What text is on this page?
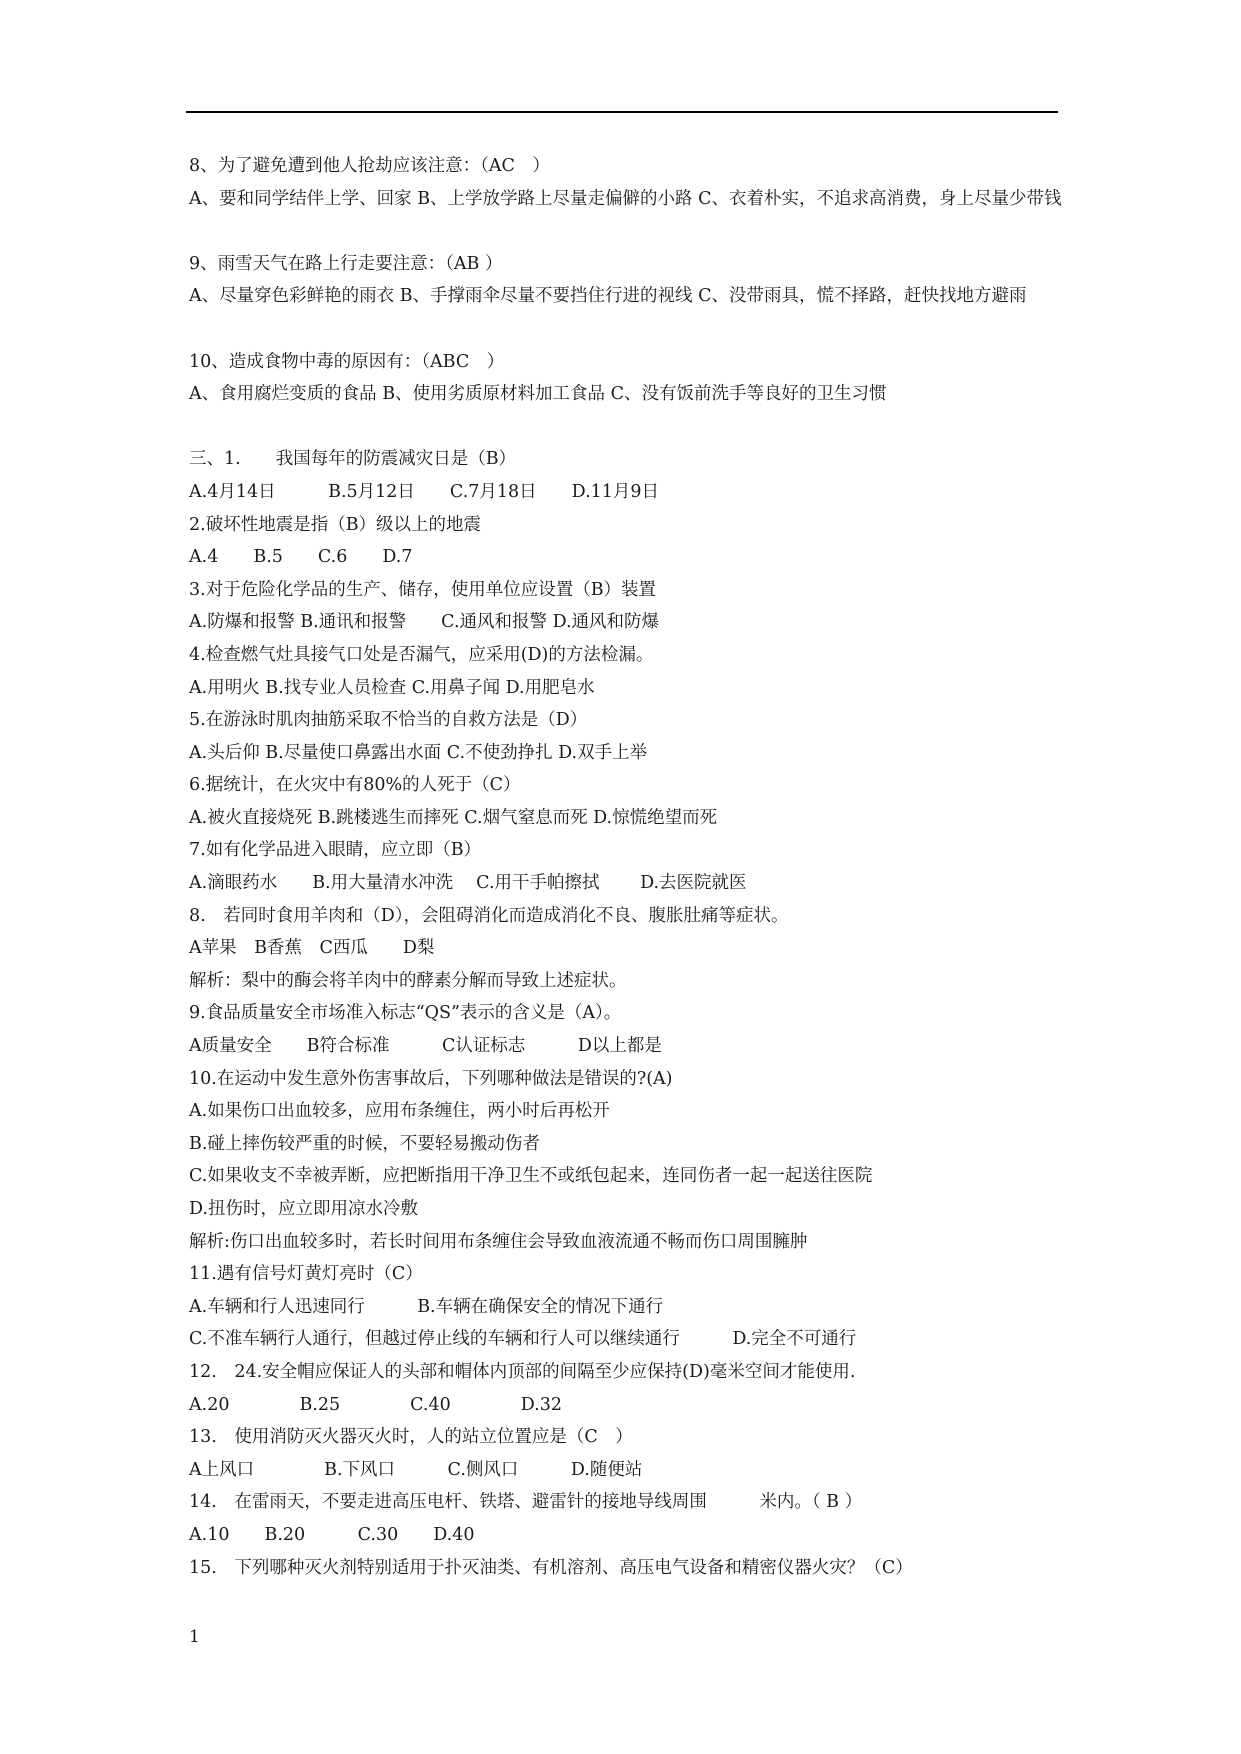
8、为了避免遭到他人抢劫应该注意：（AC　）
A、要和同学结伴上学、回家 B、上学放学路上尽量走偏僻的小路 C、衣着朴实，不追求高消费，身上尽量少带钱
9、雨雪天气在路上行走要注意：（AB ）
A、尽量穿色彩鲜艳的雨衣 B、手撑雨伞尽量不要挡住行进的视线 C、没带雨具，慌不择路，赶快找地方避雨
10、造成食物中毒的原因有：（ABC　）
A、食用腐烂变质的食品 B、使用劣质原材料加工食品 C、没有饭前洗手等良好的卫生习惯
三、1.　　我国每年的防震减灾日是（B）
A.4月14日　　　B.5月12日　　C.7月18日　　D.11月9日
2.破坏性地震是指（B）级以上的地震
A.4　　B.5　　C.6　　D.7
3.对于危险化学品的生产、储存，使用单位应设置（B）装置
A.防爆和报警 B.通讯和报警　　C.通风和报警 D.通风和防爆
4.检查燃气灶具接气口处是否漏气，应采用(D)的方法检漏。
A.用明火 B.找专业人员检查 C.用鼻子闻 D.用肥皂水
5.在游泳时肌肉抽筋采取不恰当的自救方法是（D）
A.头后仰 B.尽量使口鼻露出水面 C.不使劲挣扎 D.双手上举
6.据统计，在火灾中有80%的人死于（C）
A.被火直接烧死 B.跳楼逃生而摔死 C.烟气窒息而死 D.惊慌绝望而死
7.如有化学品进入眼睛，应立即（B）
A.滴眼药水　　B.用大量清水冲洗　 C.用干手帕擦拭　　 D.去医院就医
8.　若同时食用羊肉和（D），会阻碍消化而造成消化不良、腹胀肚痛等症状。
A苹果　B香蕉　C西瓜　　D梨
解析：梨中的酶会将羊肉中的酵素分解而导致上述症状。
9.食品质量安全市场准入标志“QS”表示的含义是（A）。
A质量安全　　B符合标准　　　C认证标志　　　D以上都是
10.在运动中发生意外伤害事故后，下列哪种做法是错误的?(A)
A.如果伤口出血较多，应用布条缠住，两小时后再松开
B.碰上摔伤较严重的时候，不要轻易搬动伤者
C.如果收支不幸被弄断，应把断指用干净卫生不或纸包起来，连同伤者一起一起送往医院
D.扭伤时，应立即用凉水冷敷
解析:伤口出血较多时，若长时间用布条缠住会导致血液流通不畅而伤口周围臃肿
11.遇有信号灯黄灯亮时（C）
A.车辆和行人迅速同行　　　B.车辆在确保安全的情况下通行
C.不准车辆行人通行，但越过停止线的车辆和行人可以继续通行　　　D.完全不可通行
12.　24.安全帽应保证人的头部和帽体内顶部的间隔至少应保持(D)毫米空间才能使用.
A.20　　　　B.25　　　　C.40　　　　D.32
13.　使用消防灭火器灭火时，人的站立位置应是（C　）
A上风口　　　　B.下风口　　　C.侧风口　　　D.随便站
14.　在雷雨天，不要走进高压电杆、铁塔、避雷针的接地导线周围　　　米内。（ B ）
A.10　　B.20　　　C.30　　D.40
15.　下列哪种灭火剂特别适用于扑灭油类、有机溶剂、高压电气设备和精密仪器火灾？（C）
1
